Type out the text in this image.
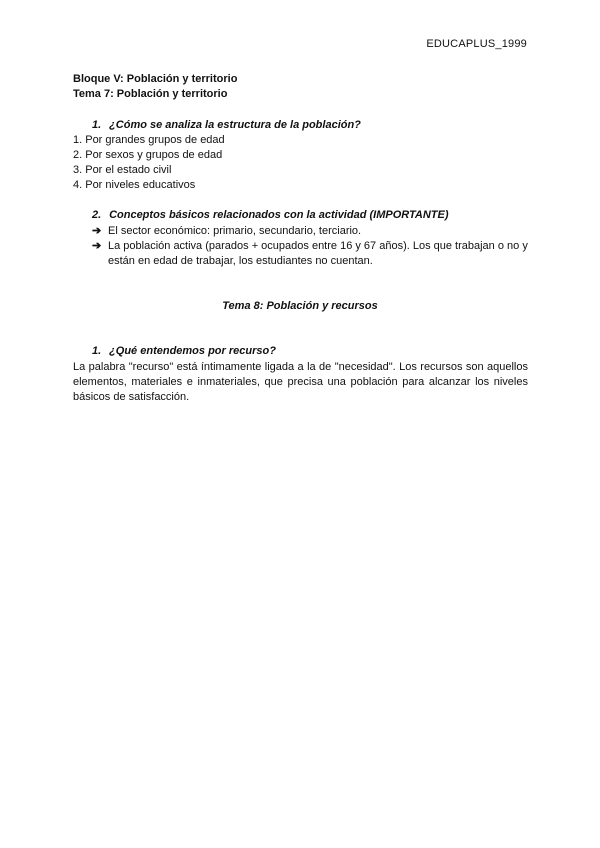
EDUCAPLUS_1999
Bloque V: Población y territorio
Tema 7: Población y territorio
1. ¿Cómo se analiza la estructura de la población?
1. Por grandes grupos de edad
2. Por sexos y grupos de edad
3. Por el estado civil
4. Por niveles educativos
2. Conceptos básicos relacionados con la actividad (IMPORTANTE)
➔ El sector económico: primario, secundario, terciario.
➔ La población activa (parados + ocupados entre 16 y 67 años). Los que trabajan o no y están en edad de trabajar, los estudiantes no cuentan.
Tema 8: Población y recursos
1. ¿Qué entendemos por recurso?
La palabra "recurso" está íntimamente ligada a la de "necesidad". Los recursos son aquellos elementos, materiales e inmateriales, que precisa una población para alcanzar los niveles básicos de satisfacción.
